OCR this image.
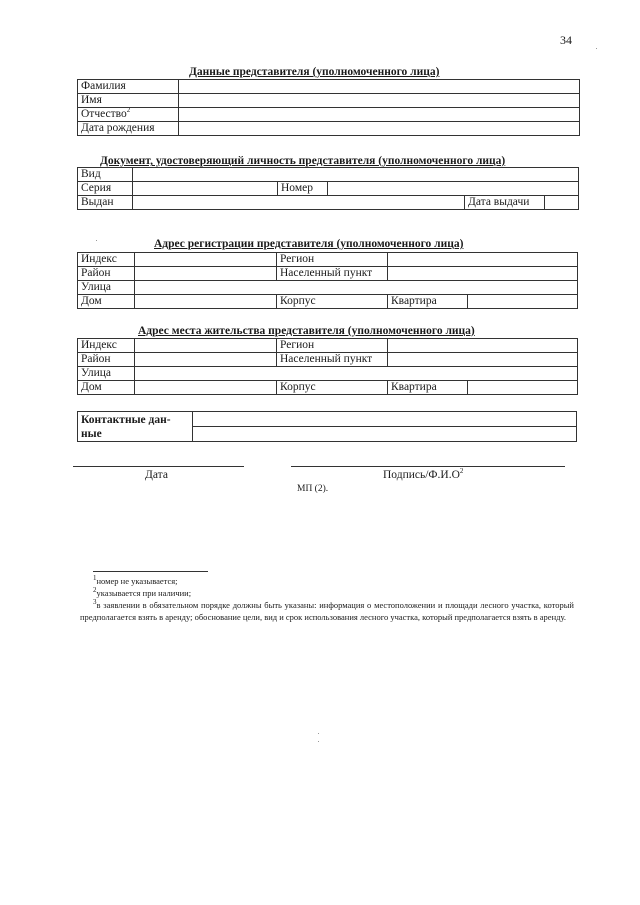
34
Данные представителя (уполномоченного лица)
Фамилия	
Имя	
Отчество$^2$	
Дата рождения	
Документ, удостоверяющий личность представителя (уполномоченного лица)
Вид					
Серия		Номер			
Выдан				Дата выдачи	
Адрес регистрации представителя (уполномоченного лица)
Индекс		Регион		
Район		Населенный пункт		
Улица				
Дом		Корпус	Квартира	
Адрес места жительства представителя (уполномоченного лица)
Индекс		Регион		
Район		Населенный пункт		
Улица				
Дом		Корпус	Квартира	
Контактные дан-
ные

Дата	Подпись/$Ф.И.О^2$
МП (2).
$^1$номер не указывается;
$^2$указывается при наличии;
$^3$в заявлении в обязательном порядке должны быть указаны: информация о местоположении и площади лесного участка, который предполагается взять в аренду; обоснование цели, вид и срок использования лесного участка, который предполагается взять в аренду.
